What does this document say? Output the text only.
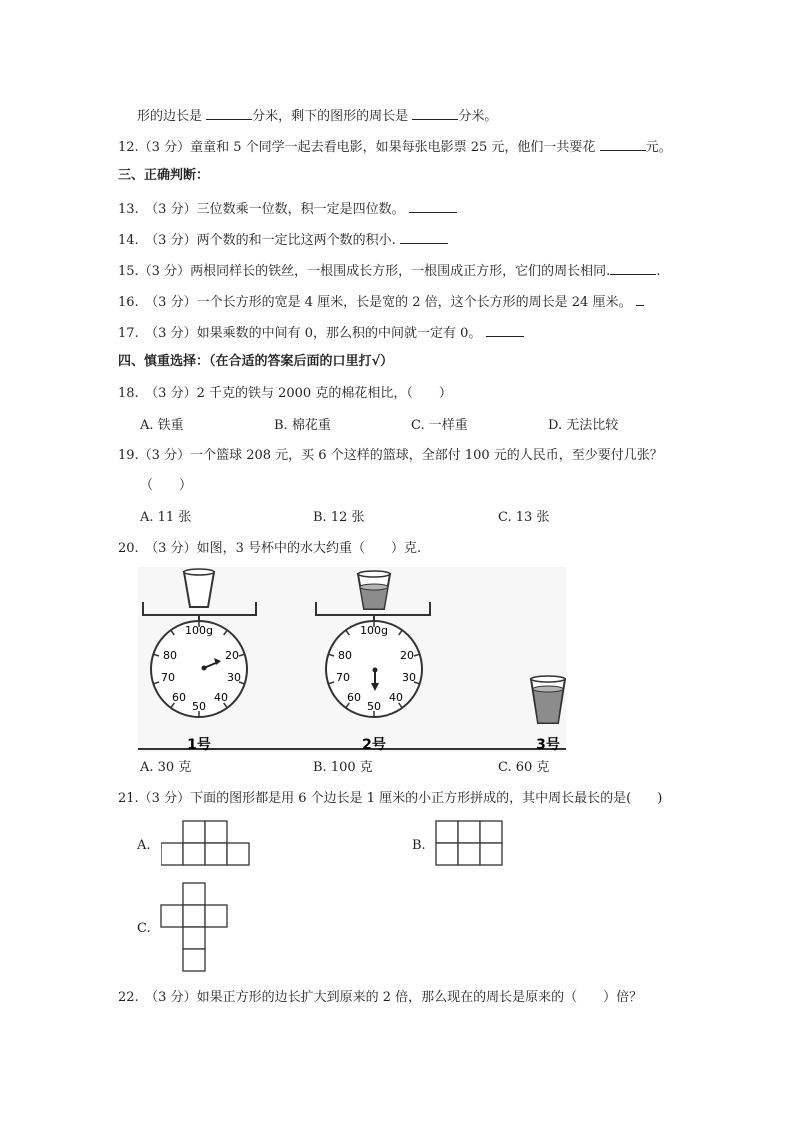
形的边长是	分米，剩下的图形的周长是	分米。
12.（3 分）童童和 5 个同学一起去看电影，如果每张电影票 25 元，他们一共要花	元。
三、正确判断：
13.　（3 分）三位数乘一位数，积一定是四位数。
14.　（3 分）两个数的和一定比这两个数的积小.
15.（3 分）两根同样长的铁丝，一根围成长方形，一根围成正方形，它们的周长相同.	.
16.　（3 分）一个长方形的宽是 4 厘米，长是宽的 2 倍，这个长方形的周长是 24 厘米。
17.　（3 分）如果乘数的中间有 0，那么积的中间就一定有 0。
四、慎重选择：（在合适的答案后面的口里打√）
18.　（3 分）2 千克的铁与 2000 克的棉花相比，（　　）
A. 铁重	B. 棉花重	C. 一样重	D. 无法比较
19.（3 分）一个篮球 208 元，买 6 个这样的篮球，全部付 100 元的人民币，至少要付几张？
（　　）
A. 11 张	B. 12 张	C. 13 张
20.　（3 分）如图，3 号杯中的水大约重（　　）克.
100g
80	20
70	30
60	40
50
1号
100g
80	20
70	30
60	40
50
2号	3号
A. 30 克	B. 100 克	C. 60 克
21.（3 分）下面的图形都是用 6 个边长是 1 厘米的小正方形拼成的，其中周长最长的是(　　)
A.	B.
C.
22.　（3 分）如果正方形的边长扩大到原来的 2 倍，那么现在的周长是原来的（　　）倍？
